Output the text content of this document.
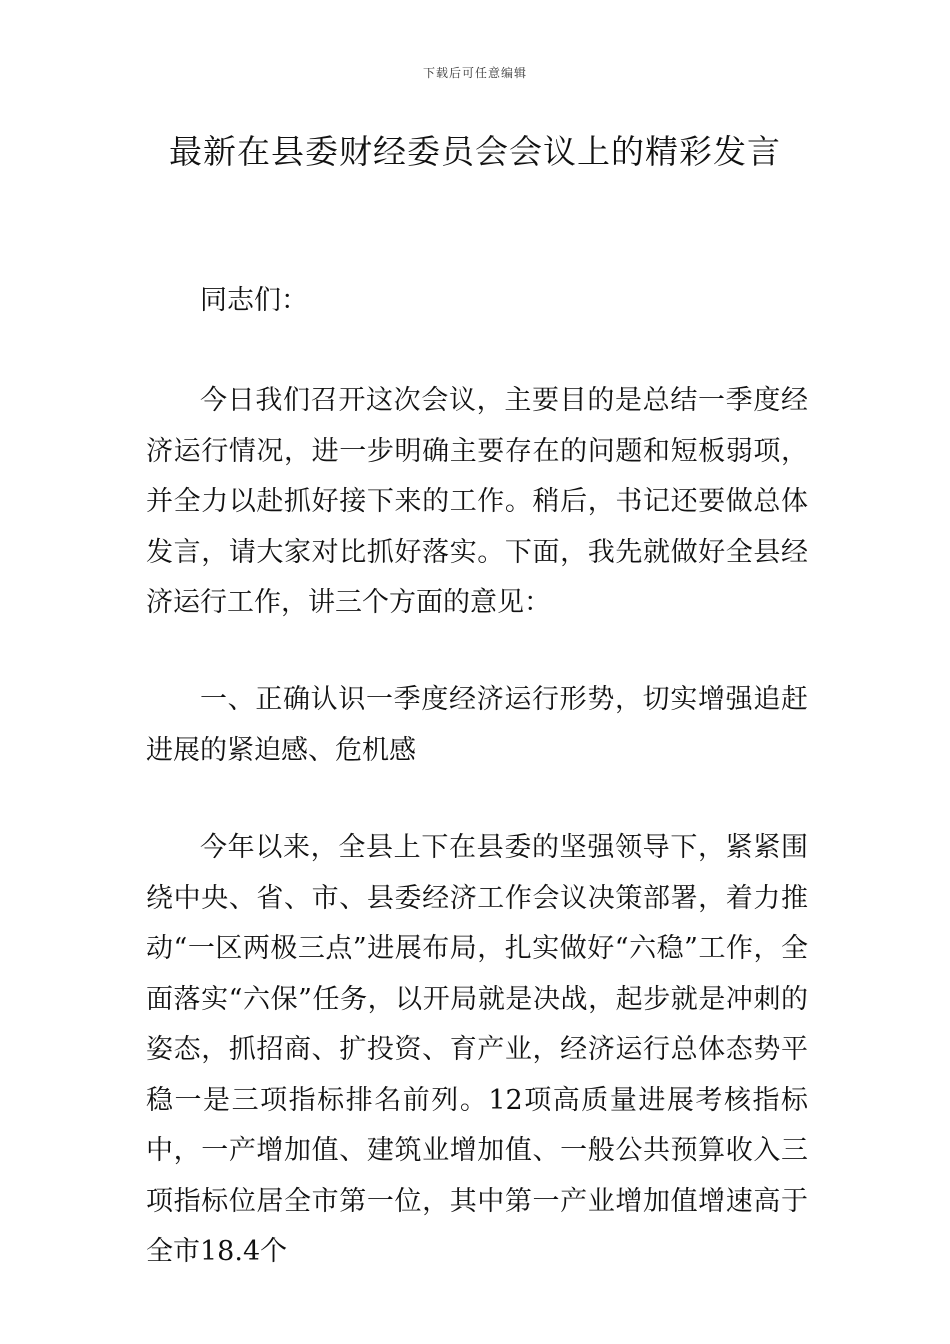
下载后可任意编辑
最新在县委财经委员会会议上的精彩发言

同志们：

今日我们召开这次会议，主要目的是总结一季度经济运行情况，进一步明确主要存在的问题和短板弱项，并全力以赴抓好接下来的工作。稍后，书记还要做总体发言，请大家对比抓好落实。下面，我先就做好全县经济运行工作，讲三个方面的意见：

一、正确认识一季度经济运行形势，切实增强追赶进展的紧迫感、危机感

今年以来，全县上下在县委的坚强领导下，紧紧围绕中央、省、市、县委经济工作会议决策部署，着力推动“一区两极三点”进展布局，扎实做好“六稳”工作，全面落实“六保”任务，以开局就是决战，起步就是冲刺的姿态，抓招商、扩投资、育产业，经济运行总体态势平稳一是三项指标排名前列。12项高质量进展考核指标中，一产增加值、建筑业增加值、一般公共预算收入三项指标位居全市第一位，其中第一产业增加值增速高于全市18.4个
